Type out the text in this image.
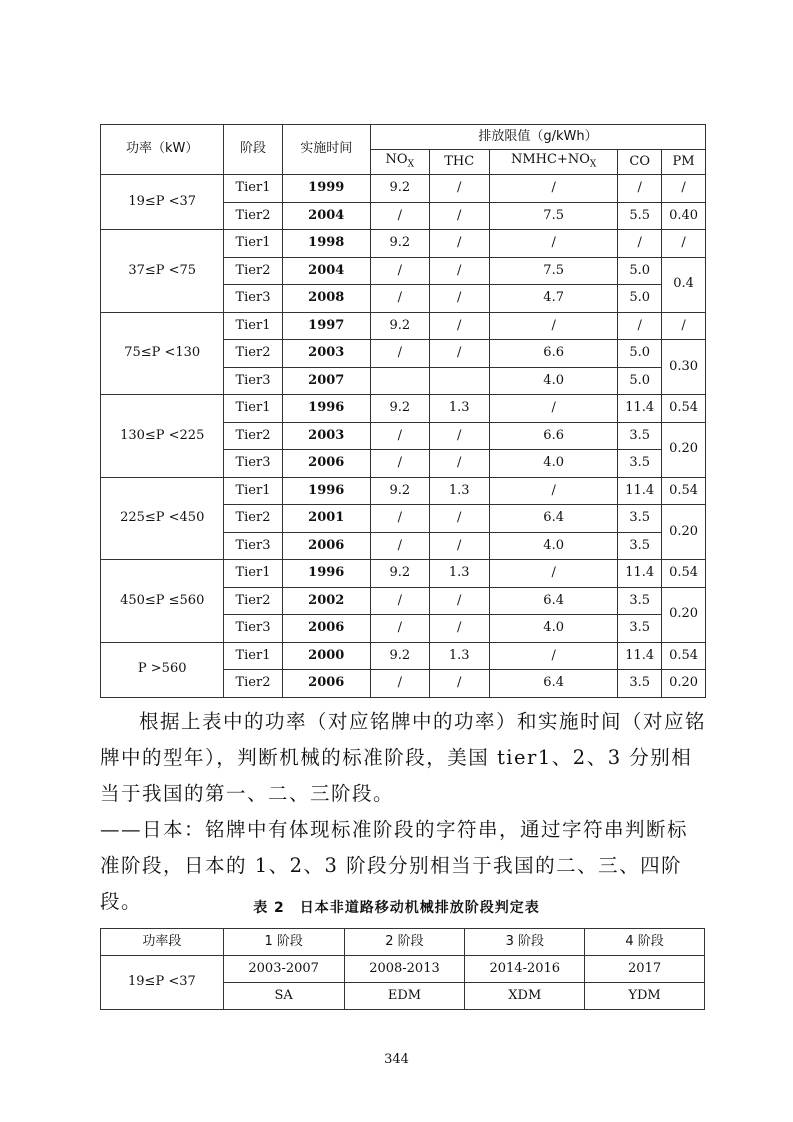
功率（kW）	阶段	实施时间	排放限值（g/kWh）				
			$NO_X$	THC	$NMHC+NO_X$	CO	PM
19≤P <37	Tier1	1999	9.2	/	/	/	/
	Tier2	2004	/	/	7.5	5.5	0.40
37≤P <75	Tier1	1998	9.2	/	/	/	/
	Tier2	2004	/	/	7.5	5.0	0.4
	Tier3	2008	/	/	4.7	5.0	
75≤P <130	Tier1	1997	9.2	/	/	/	/
	Tier2	2003	/	/	6.6	5.0	0.30
	Tier3	2007			4.0	5.0	
130≤P <225	Tier1	1996	9.2	1.3	/	11.4	0.54
	Tier2	2003	/	/	6.6	3.5	0.20
	Tier3	2006	/	/	4.0	3.5	
225≤P <450	Tier1	1996	9.2	1.3	/	11.4	0.54
	Tier2	2001	/	/	6.4	3.5	0.20
	Tier3	2006	/	/	4.0	3.5	
450≤P ≤560	Tier1	1996	9.2	1.3	/	11.4	0.54
	Tier2	2002	/	/	6.4	3.5	0.20
	Tier3	2006	/	/	4.0	3.5	
P >560	Tier1	2000	9.2	1.3	/	11.4	0.54
	Tier2	2006	/	/	6.4	3.5	0.20
根据上表中的功率（对应铭牌中的功率）和实施时间（对应铭牌中的型年），判断机械的标准阶段，美国 tier1、2、3 分别相当于我国的第一、二、三阶段。
——日本：铭牌中有体现标准阶段的字符串，通过字符串判断标准阶段，日本的 1、2、3 阶段分别相当于我国的二、三、四阶段。	表 2　日本非道路移动机械排放阶段判定表
功率段	1 阶段	2 阶段	3 阶段	4 阶段
19≤P <37	2003-2007	2008-2013	2014-2016	2017
	SA	EDM	XDM	YDM
344
